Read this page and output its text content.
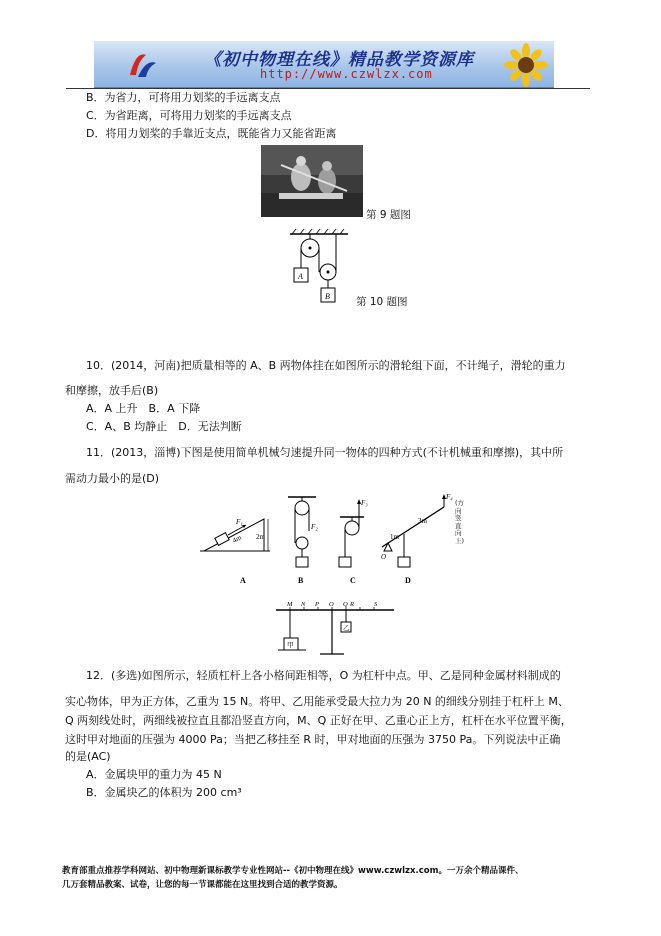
《初中物理在线》精品教学资源库
http://www.czwlzx.com
B．为省力，可将用力划桨的手远离支点
C．为省距离，可将用力划桨的手远离支点
D．将用力划桨的手靠近支点，既能省力又能省距离
第 9 题图
A
B 第 10 题图
10．(2014，河南)把质量相等的 A、B 两物体挂在如图所示的滑轮组下面，不计绳子，滑轮的重力
和摩擦，放手后(B)
A．A 上升　B．A 下降
C．A、B 均静止　D．无法判断
11．(2013，淄博)下图是使用简单机械匀速提升同一物体的四种方式(不计机械重和摩擦)，其中所
需动力最小的是(D)
F₁
4m 2m
A
F₂
B
F₃
C
F₄
1m
3m
O
D
(方向竖直向上)
M N P O Q R	S
甲
乙
12．(多选)如图所示，轻质杠杆上各小格间距相等，O 为杠杆中点。甲、乙是同种金属材料制成的
实心物体，甲为正方体，乙重为 15 N。将甲、乙用能承受最大拉力为 20 N 的细线分别挂于杠杆上 M、
Q 两刻线处时，两细线被拉直且都沿竖直方向，M、Q 正好在甲、乙重心正上方，杠杆在水平位置平衡，
这时甲对地面的压强为 4000 Pa；当把乙移挂至 R 时，甲对地面的压强为 3750 Pa。下列说法中正确
的是(AC)
A．金属块甲的重力为 45 N
B．金属块乙的体积为 200 cm³
教育部重点推荐学科网站、初中物理新课标教学专业性网站--《初中物理在线》www.czwlzx.com。一万余个精品课件、
几万套精品教案、试卷，让您的每一节课都能在这里找到合适的教学资源。
